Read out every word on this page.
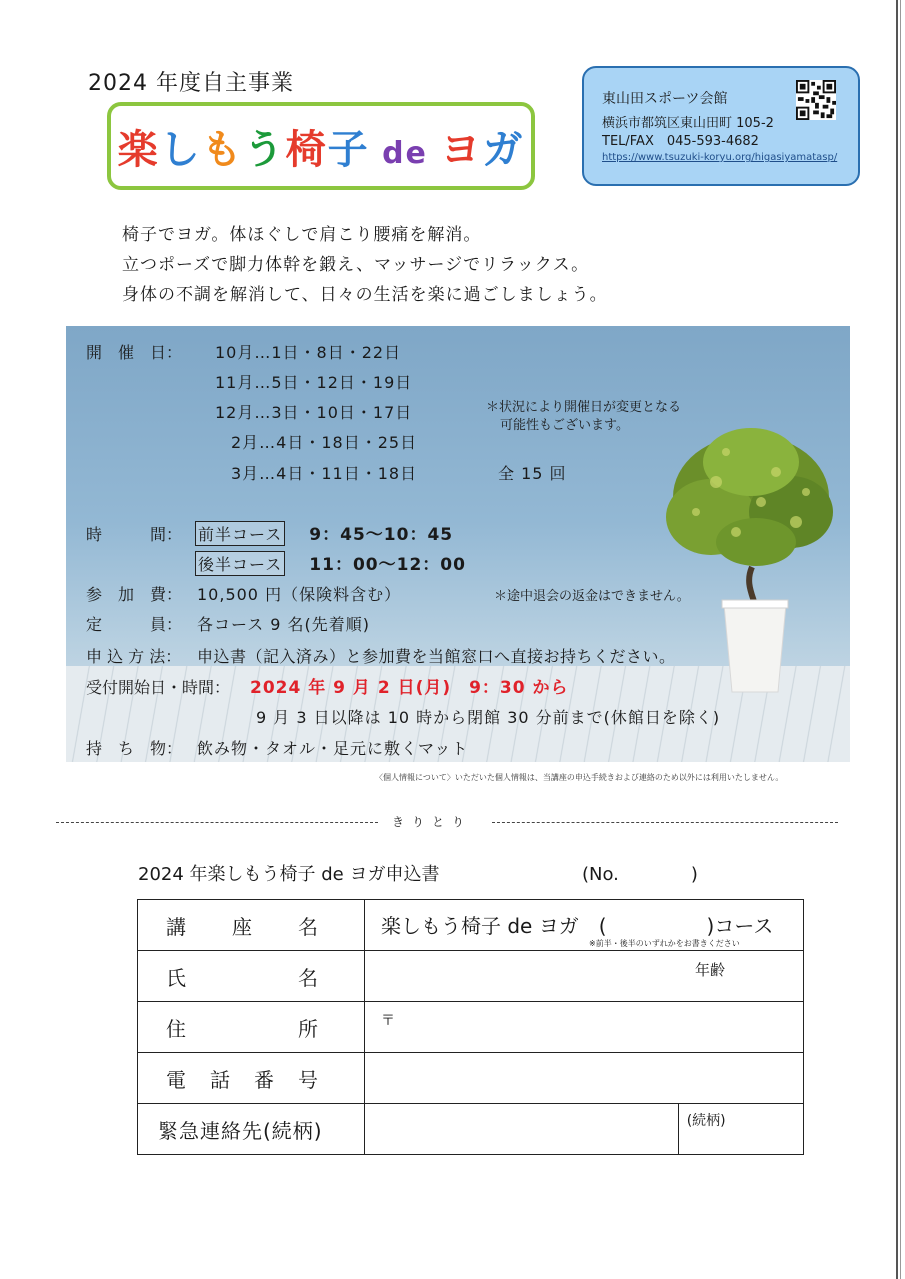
2024 年度自主事業
楽しもう椅子 de ヨガ
東山田スポーツ会館
横浜市都筑区東山田町 105-2
TEL/FAX　045-593-4682
https://www.tsuzuki-koryu.org/higasiyamatasp/
椅子でヨガ。体ほぐしで肩こり腰痛を解消。
立つポーズで脚力体幹を鍛え、マッサージでリラックス。
身体の不調を解消して、日々の生活を楽に過ごしましょう。
開　催　日： 10月…1日・8日・22日
11月…5日・12日・19日
12月…3日・10日・17日
2月…4日・18日・25日
3月…4日・11日・18日
＊状況により開催日が変更となる
可能性もございます。
全 15 回
時　　　間： 前半コース 9：45～10：45
後半コース 11：00～12：00
参　加　費： 10,500 円（保険料含む）	＊途中退会の返金はできません。
定　　　員： 各コース 9 名(先着順)
申 込 方 法： 申込書（記入済み）と参加費を当館窓口へ直接お持ちください。
受付開始日・時間： 2024 年 9 月 2 日(月)　9：30 から
9 月 3 日以降は 10 時から閉館 30 分前まで(休館日を除く)
持　ち　物： 飲み物・タオル・足元に敷くマット
〈個人情報について〉いただいた個人情報は、当講座の申込手続きおよび連絡のため以外には利用いたしません。
きりとり
2024 年楽しもう椅子 de ヨガ申込書	(No.　　　　)
講　　座　　名	楽しもう椅子 de ヨガ　(　　　　　)コース
※前半・後半のいずれかをお書きください	

氏　　　　　名	年齢	

住　　　　　所	〒	

電　話　番　号		

緊急連絡先(続柄)		(続柄)
